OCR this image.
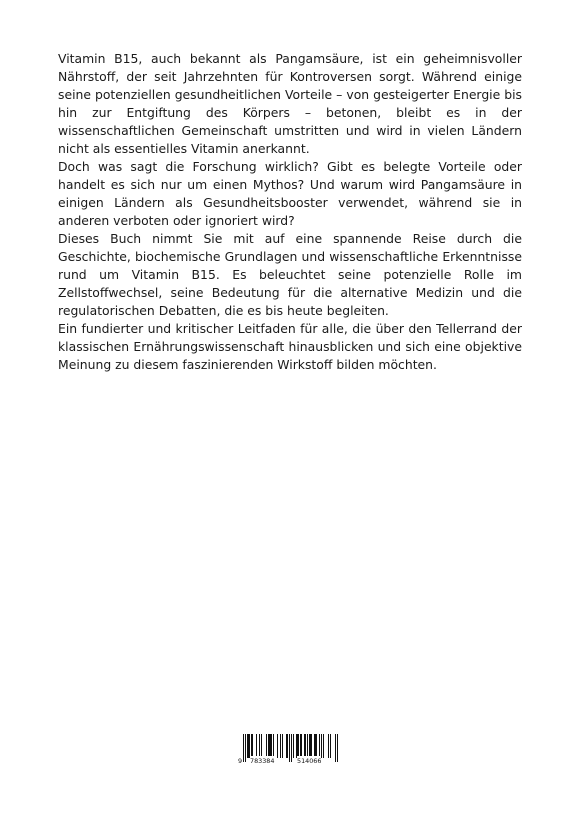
Vitamin B15, auch bekannt als Pangamsäure, ist ein geheimnisvoller Nährstoff, der seit Jahrzehnten für Kontroversen sorgt. Während einige seine potenziellen gesundheitlichen Vorteile – von gesteigerter Energie bis hin zur Entgiftung des Körpers – betonen, bleibt es in der wissenschaftlichen Gemeinschaft umstritten und wird in vielen Ländern nicht als essentielles Vitamin anerkannt.

Doch was sagt die Forschung wirklich? Gibt es belegte Vorteile oder handelt es sich nur um einen Mythos? Und warum wird Pangamsäure in einigen Ländern als Gesundheitsbooster verwendet, während sie in anderen verboten oder ignoriert wird?

Dieses Buch nimmt Sie mit auf eine spannende Reise durch die Geschichte, biochemische Grundlagen und wissenschaftliche Erkenntnisse rund um Vitamin B15. Es beleuchtet seine potenzielle Rolle im Zellstoffwechsel, seine Bedeutung für die alternative Medizin und die regulatorischen Debatten, die es bis heute begleiten.

Ein fundierter und kritischer Leitfaden für alle, die über den Tellerrand der klassischen Ernährungswissenschaft hinausblicken und sich eine objektive Meinung zu diesem faszinierenden Wirkstoff bilden möchten.

9 783384	514066
